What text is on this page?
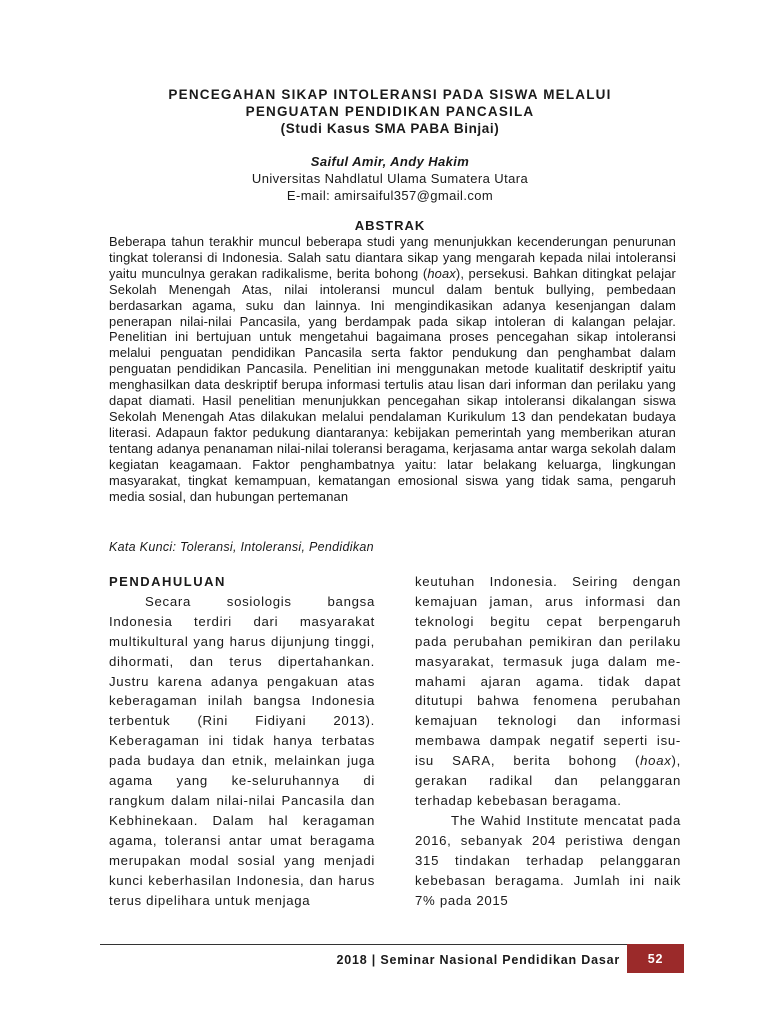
PENCEGAHAN SIKAP INTOLERANSI PADA SISWA MELALUI
PENGUATAN PENDIDIKAN PANCASILA
(Studi Kasus SMA PABA Binjai)
Saiful Amir, Andy Hakim
Universitas Nahdlatul Ulama Sumatera Utara
E-mail: amirsaiful357@gmail.com
ABSTRAK

Beberapa tahun terakhir muncul beberapa studi yang menunjukkan kecenderungan penurunan tingkat toleransi di Indonesia. Salah satu diantara sikap yang mengarah kepada nilai intoleransi yaitu munculnya gerakan radikalisme, berita bohong (hoax), persekusi. Bahkan ditingkat pelajar Sekolah Menengah Atas, nilai intoleransi muncul dalam bentuk bullying, pembedaan berdasarkan agama, suku dan lainnya. Ini mengindikasikan adanya kesenjangan dalam penerapan nilai-nilai Pancasila, yang berdampak pada sikap intoleran di kalangan pelajar. Penelitian ini bertujuan untuk mengetahui bagaimana proses pencegahan sikap intoleransi melalui penguatan pendidikan Pancasila serta faktor pendukung dan penghambat dalam penguatan pendidikan Pancasila. Penelitian ini menggunakan metode kualitatif deskriptif yaitu menghasilkan data deskriptif berupa informasi tertulis atau lisan dari informan dan perilaku yang dapat diamati. Hasil penelitian menunjukkan pencegahan sikap intoleransi dikalangan siswa Sekolah Menengah Atas dilakukan melalui pendalaman Kurikulum 13 dan pendekatan budaya literasi. Adapaun faktor pedukung diantaranya: kebijakan pemerintah yang memberikan aturan tentang adanya penanaman nilai-nilai toleransi beragama, kerjasama antar warga sekolah dalam kegiatan keagamaan. Faktor penghambatnya yaitu: latar belakang keluarga, lingkungan masyarakat, tingkat kemampuan, kematangan emosional siswa yang tidak sama, pengaruh media sosial, dan hubungan pertemanan

Kata Kunci: Toleransi, Intoleransi, Pendidikan
PENDAHULUAN

Secara sosiologis bangsa Indonesia terdiri dari masyarakat multikultural yang harus dijunjung tinggi, dihormati, dan terus dipertahankan. Justru karena adanya pengakuan atas keberagaman inilah bangsa Indonesia terbentuk (Rini Fidiyani 2013). Keberagaman ini tidak hanya terbatas pada budaya dan etnik, melainkan juga agama yang ke-seluruhannya di rangkum dalam nilai-nilai Pancasila dan Kebhinekaan. Dalam hal keragaman agama, toleransi antar umat beragama merupakan modal sosial yang menjadi kunci keberhasilan Indonesia, dan harus terus dipelihara untuk menjaga

keutuhan Indonesia. Seiring dengan kemajuan jaman, arus informasi dan teknologi begitu cepat berpengaruh pada perubahan pemikiran dan perilaku masyarakat, termasuk juga dalam me-mahami ajaran agama. tidak dapat ditutupi bahwa fenomena perubahan kemajuan teknologi dan informasi membawa dampak negatif seperti isu-isu SARA, berita bohong (hoax), gerakan radikal dan pelanggaran terhadap kebebasan beragama.

The Wahid Institute mencatat pada 2016, sebanyak 204 peristiwa dengan 315 tindakan terhadap pelanggaran kebebasan beragama. Jumlah ini naik 7% pada 2015

2018 | Seminar Nasional Pendidikan Dasar	52
